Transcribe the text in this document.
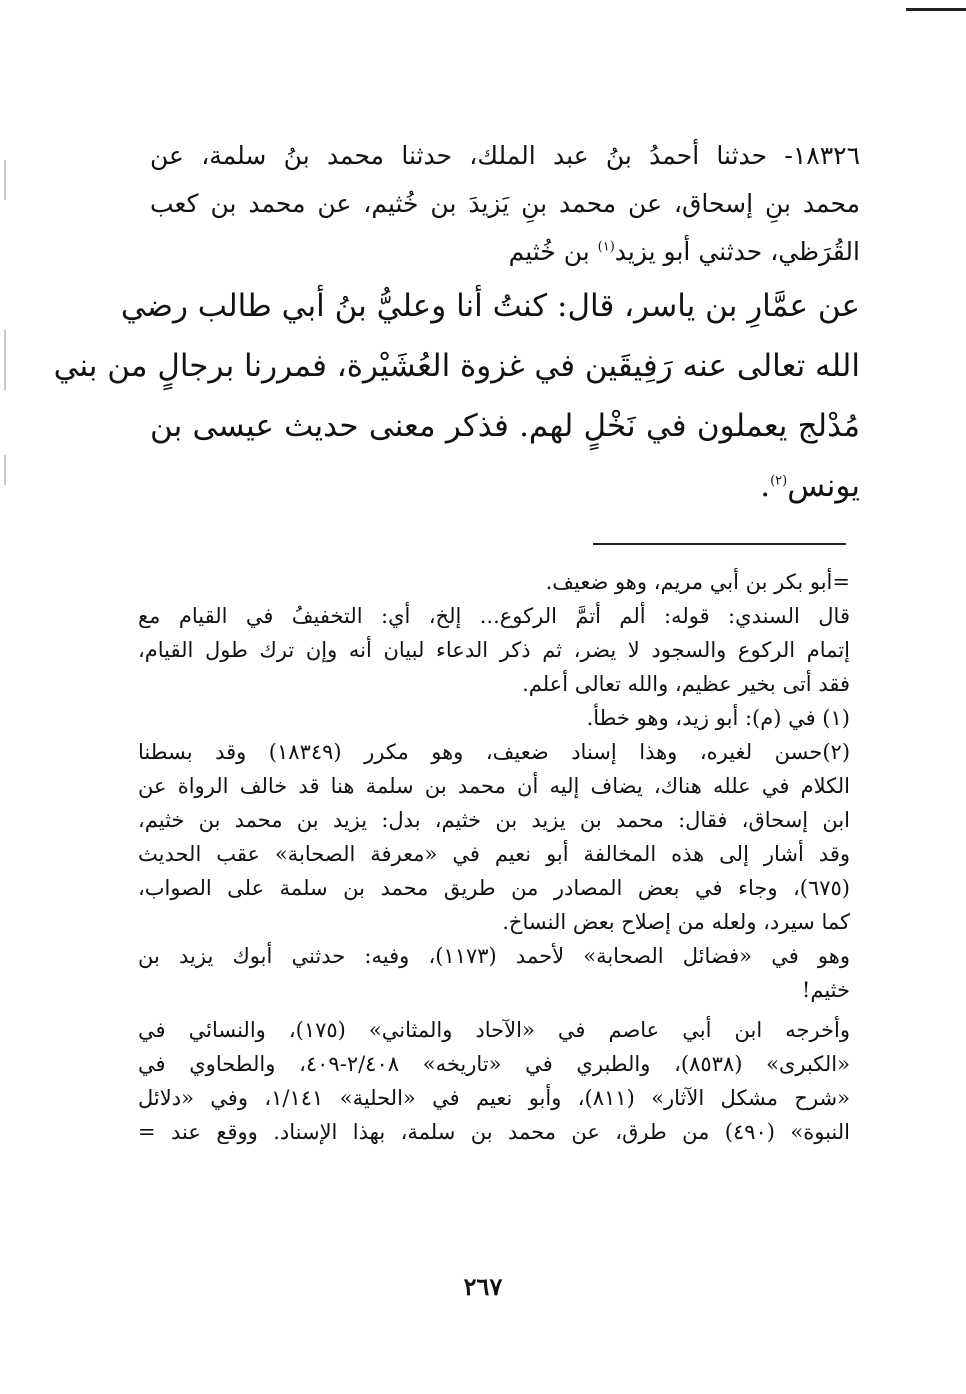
١٨٣٢٦- حدثنا أحمدُ بنُ عبد الملك، حدثنا محمد بنُ سلمة، عن
محمد بنِ إسحاق، عن محمد بنِ يَزيدَ بن خُثيم، عن محمد بن كعب
القُرَظي، حدثني أبو يزيد$^{(١)}$ بن خُثيم
عن عمَّارِ بن ياسر، قال: كنتُ أنا وعليُّ بنُ أبي طالب رضي
الله تعالى عنه رَفِيقَين في غزوة العُشَيْرة، فمررنا برجالٍ من بني
مُدْلج يعملون في نَخْلٍ لهم. فذكر معنى حديث عيسى بن
يونس$^{(٢)}$.
=أبو بكر بن أبي مريم، وهو ضعيف.
قال السندي: قوله: ألم أتمَّ الركوع... إلخ، أي: التخفيفُ في القيام مع
إتمام الركوع والسجود لا يضر، ثم ذكر الدعاء لبيان أنه وإن ترك طول القيام،
فقد أتى بخير عظيم، والله تعالى أعلم.
(١) في (م): أبو زيد، وهو خطأ.
(٢)حسن لغيره، وهذا إسناد ضعيف، وهو مكرر (١٨٣٤٩) وقد بسطنا
الكلام في علله هناك، يضاف إليه أن محمد بن سلمة هنا قد خالف الرواة عن
ابن إسحاق، فقال: محمد بن يزيد بن خثيم، بدل: يزيد بن محمد بن خثيم،
وقد أشار إلى هذه المخالفة أبو نعيم في «معرفة الصحابة» عقب الحديث
(٦٧٥)، وجاء في بعض المصادر من طريق محمد بن سلمة على الصواب،
كما سيرد، ولعله من إصلاح بعض النساخ.
وهو في «فضائل الصحابة» لأحمد (١١٧٣)، وفيه: حدثني أبوك يزيد بن
خثيم!
وأخرجه ابن أبي عاصم في «الآحاد والمثاني» (١٧٥)، والنسائي في
«الكبرى» (٨٥٣٨)، والطبري في «تاريخه» ٢/٤٠٨-٤٠٩، والطحاوي في
«شرح مشكل الآثار» (٨١١)، وأبو نعيم في «الحلية» ١/١٤١، وفي «دلائل
النبوة» (٤٩٠) من طرق، عن محمد بن سلمة، بهذا الإسناد. ووقع عند =
٢٦٧
